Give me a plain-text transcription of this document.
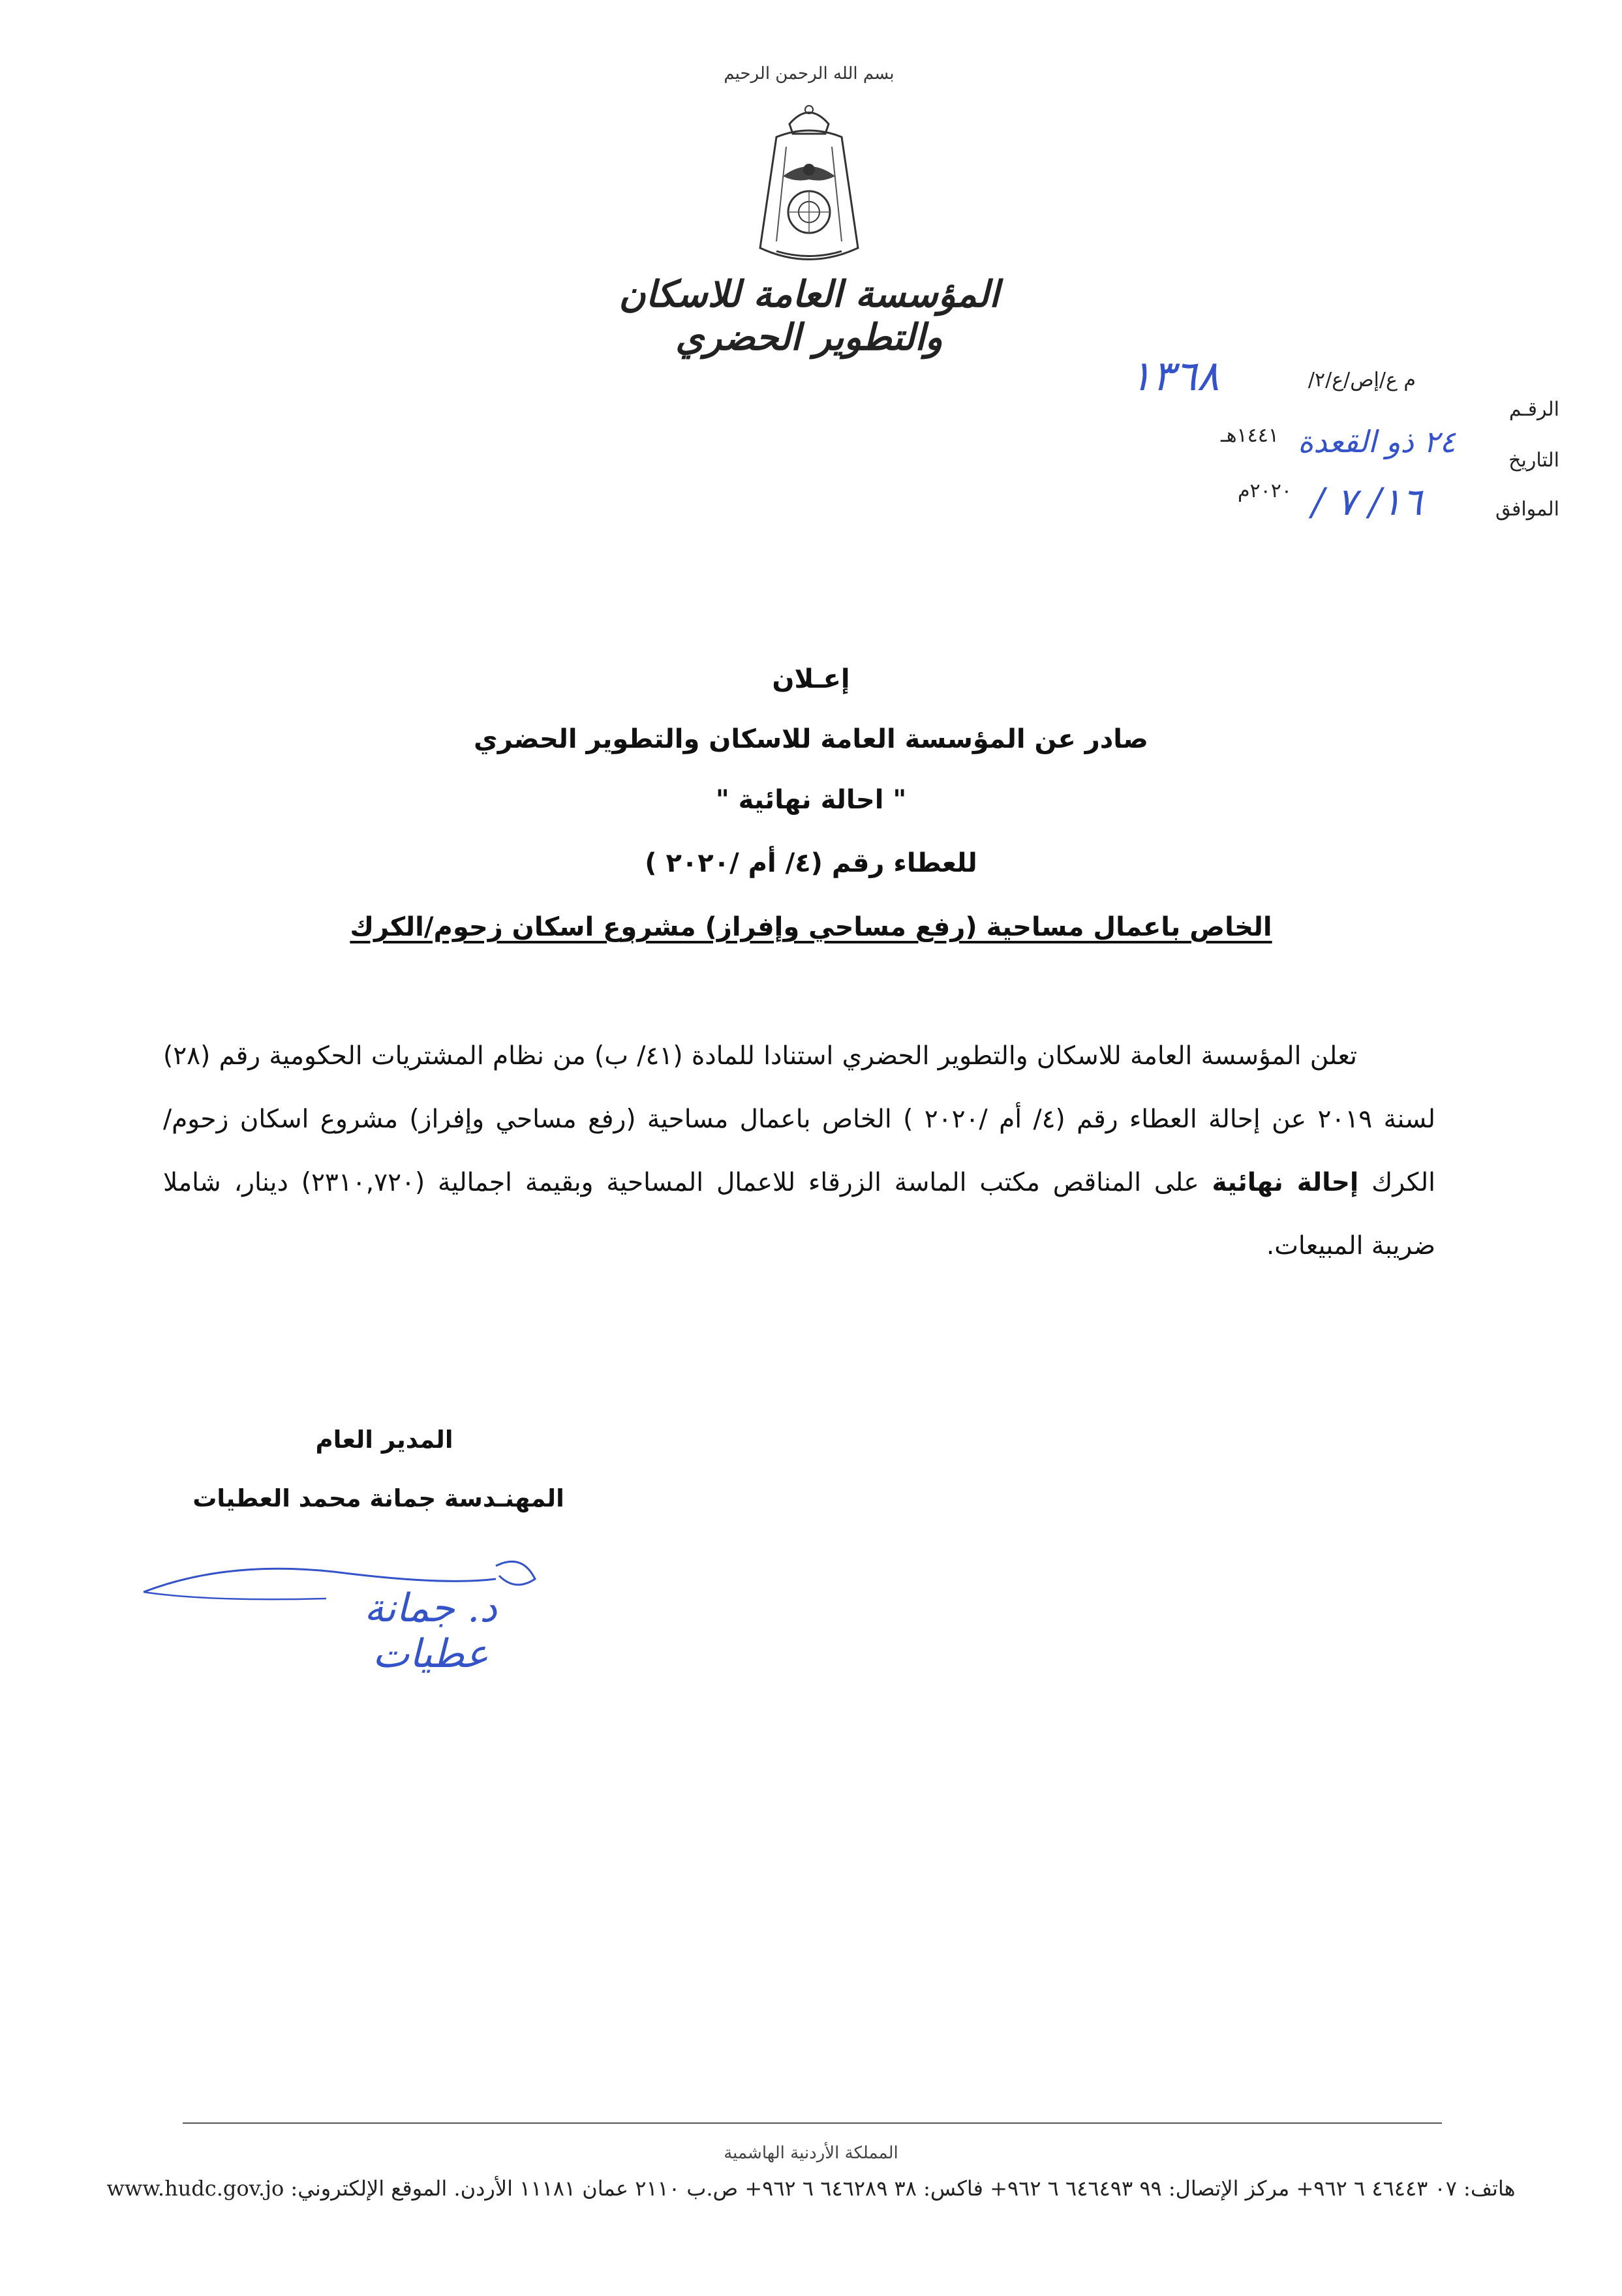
بسم الله الرحمن الرحيم
المؤسسة العامة للاسكان والتطوير الحضري
الرقـم
م ع/إص/ع/٢/
١٣٦٨
التاريخ
٢٤ ذو القعدة
١٤٤١هـ
الموافق
١٦/ ٧ /
٢٠٢٠م
إعـلان
صادر عن المؤسسة العامة للاسكان والتطوير الحضري
" احالة نهائية "
للعطاء رقم (٤/ أم /٢٠٢٠ )
الخاص باعمال مساحية (رفع مساحي وإفراز) مشروع اسكان زحوم/الكرك
تعلن المؤسسة العامة للاسكان والتطوير الحضري استنادا للمادة (٤١/ ب) من نظام المشتريات الحكومية رقم (٢٨) لسنة ٢٠١٩ عن إحالة العطاء رقم (٤/ أم /٢٠٢٠ ) الخاص باعمال مساحية (رفع مساحي وإفراز) مشروع اسكان زحوم/الكرك إحالة نهائية على المناقص مكتب الماسة الزرقاء للاعمال المساحية وبقيمة اجمالية (٢٣١٠,٧٢٠) دينار، شاملا ضريبة المبيعات.
المدير العام
المهنـدسة جمانة محمد العطيات
د. جمانة عطيات
المملكة الأردنية الهاشمية
هاتف: ٠٧ ٤٦٤٤٣ ٦ ٩٦٢+ مركز الإتصال: ٩٩ ٦٤٦٤٩٣ ٦ ٩٦٢+ فاكس: ٣٨ ٦٤٦٢٨٩ ٦ ٩٦٢+ ص.ب ٢١١٠ عمان ١١١٨١ الأردن. الموقع الإلكتروني: www.hudc.gov.jo
